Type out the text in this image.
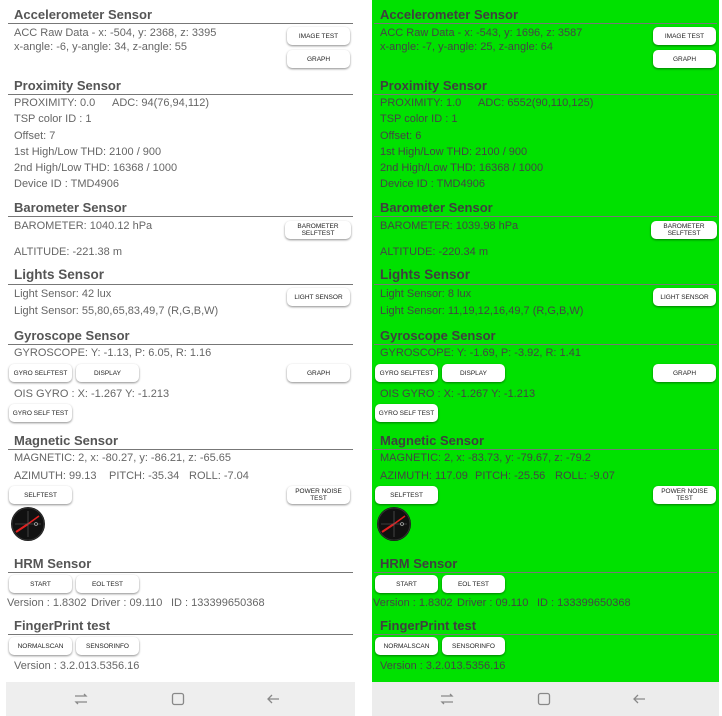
Accelerometer Sensor
ACC Raw Data - x: -504, y: 2368, z: 3395
x-angle: -6, y-angle: 34, z-angle: 55
IMAGE TEST
GRAPH
Proximity Sensor
PROXIMITY: 0.0 ADC: 94(76,94,112)
TSP color ID : 1
Offset: 7
1st High/Low THD: 2100 / 900
2nd High/Low THD: 16368 / 1000
Device ID : TMD4906
Barometer Sensor
BAROMETER: 1040.12 hPa
ALTITUDE: -221.38 m
BAROMETER SELFTEST
Lights Sensor
Light Sensor: 42 lux
Light Sensor: 55,80,65,83,49,7 (R,G,B,W)
LIGHT SENSOR
Gyroscope Sensor
GYROSCOPE: Y: -1.13, P: 6.05, R: 1.16
GYRO SELFTEST	DISPLAY	GRAPH
OIS GYRO : X: -1.267 Y: -1.213
GYRO SELF TEST
Magnetic Sensor
MAGNETIC: 2, x: -80.27, y: -86.21, z: -65.65
AZIMUTH: 99.13 PITCH: -35.34 ROLL: -7.04
SELFTEST	POWER NOISE TEST
HRM Sensor
START	EOL TEST
Version : 1.8302 Driver : 09.110 ID : 133399650368
FingerPrint test
NORMALSCAN	SENSORINFO
Version : 3.2.013.5356.16
Accelerometer Sensor
ACC Raw Data - x: -543, y: 1696, z: 3587
x-angle: -7, y-angle: 25, z-angle: 64
IMAGE TEST
GRAPH
Proximity Sensor
PROXIMITY: 1.0 ADC: 6552(90,110,125)
TSP color ID : 1
Offset: 6
1st High/Low THD: 2100 / 900
2nd High/Low THD: 16368 / 1000
Device ID : TMD4906
Barometer Sensor
BAROMETER: 1039.98 hPa
ALTITUDE: -220.34 m
BAROMETER SELFTEST
Lights Sensor
Light Sensor: 8 lux
Light Sensor: 11,19,12,16,49,7 (R,G,B,W)
LIGHT SENSOR
Gyroscope Sensor
GYROSCOPE: Y: -1.69, P: -3.92, R: 1.41
GYRO SELFTEST	DISPLAY	GRAPH
OIS GYRO : X: -1.267 Y: -1.213
GYRO SELF TEST
Magnetic Sensor
MAGNETIC: 2, x: -83.73, y: -79.67, z: -79.2
AZIMUTH: 117.09 PITCH: -25.56 ROLL: -9.07
SELFTEST	POWER NOISE TEST
HRM Sensor
START	EOL TEST
Version : 1.8302 Driver : 09.110 ID : 133399650368
FingerPrint test
NORMALSCAN	SENSORINFO
Version : 3.2.013.5356.16
